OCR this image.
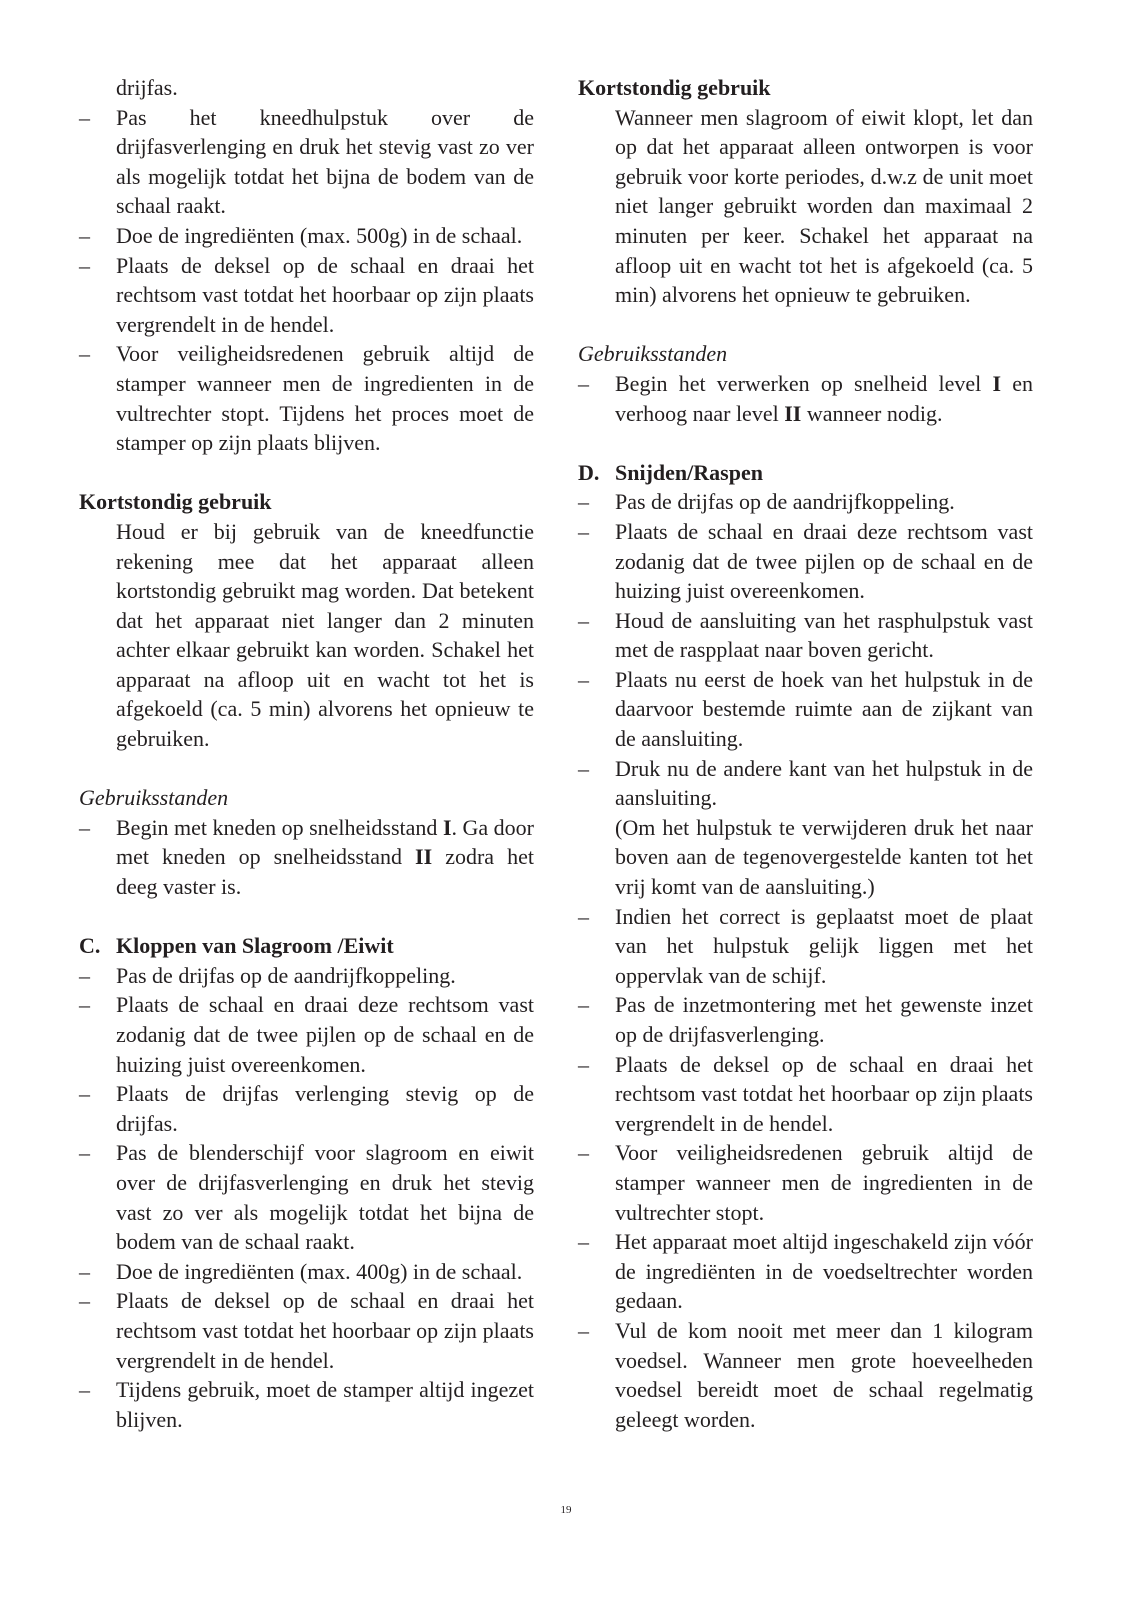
drijfas.
– Pas het kneedhulpstuk over de drijfasverlenging en druk het stevig vast zo ver als mogelijk totdat het bijna de bodem van de schaal raakt.
– Doe de ingrediënten (max. 500g) in de schaal.
– Plaats de deksel op de schaal en draai het rechtsom vast totdat het hoorbaar op zijn plaats vergrendelt in de hendel.
– Voor veiligheidsredenen gebruik altijd de stamper wanneer men de ingredienten in de vultrechter stopt. Tijdens het proces moet de stamper op zijn plaats blijven.
Kortstondig gebruik
Houd er bij gebruik van de kneedfunctie rekening mee dat het apparaat alleen kortstondig gebruikt mag worden. Dat betekent dat het apparaat niet langer dan 2 minuten achter elkaar gebruikt kan worden. Schakel het apparaat na afloop uit en wacht tot het is afgekoeld (ca. 5 min) alvorens het opnieuw te gebruiken.
Gebruiksstanden
– Begin met kneden op snelheidsstand I. Ga door met kneden op snelheidsstand II zodra het deeg vaster is.
C. Kloppen van Slagroom /Eiwit
– Pas de drijfas op de aandrijfkoppeling.
– Plaats de schaal en draai deze rechtsom vast zodanig dat de twee pijlen op de schaal en de huizing juist overeenkomen.
– Plaats de drijfas verlenging stevig op de drijfas.
– Pas de blenderschijf voor slagroom en eiwit over de drijfasverlenging en druk het stevig vast zo ver als mogelijk totdat het bijna de bodem van de schaal raakt.
– Doe de ingrediënten (max. 400g) in de schaal.
– Plaats de deksel op de schaal en draai het rechtsom vast totdat het hoorbaar op zijn plaats vergrendelt in de hendel.
– Tijdens gebruik, moet de stamper altijd ingezet blijven.
Kortstondig gebruik
Wanneer men slagroom of eiwit klopt, let dan op dat het apparaat alleen ontworpen is voor gebruik voor korte periodes, d.w.z de unit moet niet langer gebruikt worden dan maximaal 2 minuten per keer. Schakel het apparaat na afloop uit en wacht tot het is afgekoeld (ca. 5 min) alvorens het opnieuw te gebruiken.
Gebruiksstanden
– Begin het verwerken op snelheid level I en verhoog naar level II wanneer nodig.
D. Snijden/Raspen
– Pas de drijfas op de aandrijfkoppeling.
– Plaats de schaal en draai deze rechtsom vast zodanig dat de twee pijlen op de schaal en de huizing juist overeenkomen.
– Houd de aansluiting van het rasphulpstuk vast met de raspplaat naar boven gericht.
– Plaats nu eerst de hoek van het hulpstuk in de daarvoor bestemde ruimte aan de zijkant van de aansluiting.
– Druk nu de andere kant van het hulpstuk in de aansluiting.
(Om het hulpstuk te verwijderen druk het naar boven aan de tegenovergestelde kanten tot het vrij komt van de aansluiting.)
– Indien het correct is geplaatst moet de plaat van het hulpstuk gelijk liggen met het oppervlak van de schijf.
– Pas de inzetmontering met het gewenste inzet op de drijfasverlenging.
– Plaats de deksel op de schaal en draai het rechtsom vast totdat het hoorbaar op zijn plaats vergrendelt in de hendel.
– Voor veiligheidsredenen gebruik altijd de stamper wanneer men de ingredienten in de vultrechter stopt.
– Het apparaat moet altijd ingeschakeld zijn vóór de ingrediënten in de voedseltrechter worden gedaan.
– Vul de kom nooit met meer dan 1 kilogram voedsel. Wanneer men grote hoeveelheden voedsel bereidt moet de schaal regelmatig geleegt worden.
19
